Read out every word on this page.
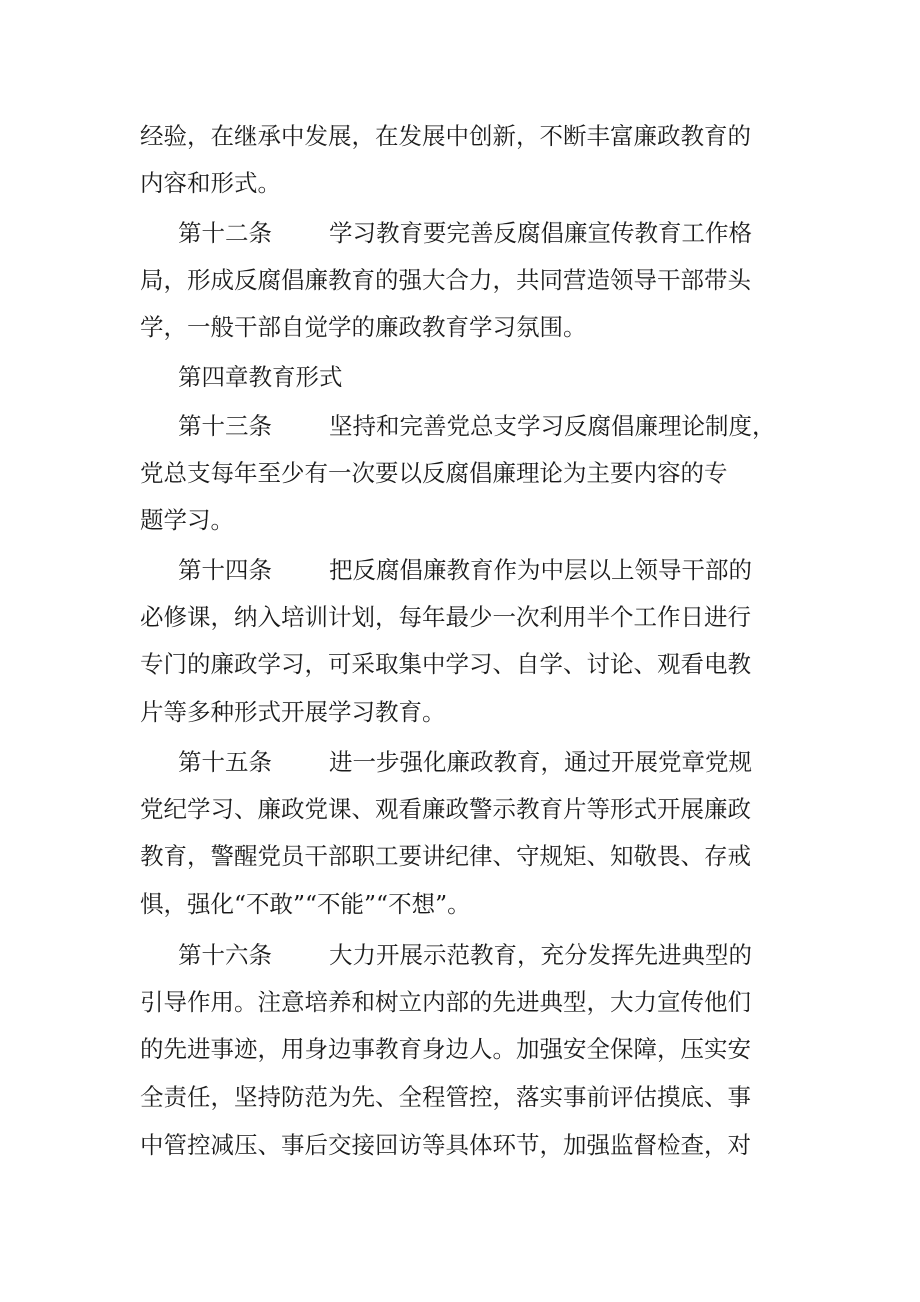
经验，在继承中发展，在发展中创新，不断丰富廉政教育的
内容和形式。
第十二条 学习教育要完善反腐倡廉宣传教育工作格
局，形成反腐倡廉教育的强大合力，共同营造领导干部带头
学，一般干部自觉学的廉政教育学习氛围。
第四章教育形式
第十三条 坚持和完善党总支学习反腐倡廉理论制度，
党总支每年至少有一次要以反腐倡廉理论为主要内容的专
题学习。
第十四条 把反腐倡廉教育作为中层以上领导干部的
必修课，纳入培训计划，每年最少一次利用半个工作日进行
专门的廉政学习，可采取集中学习、自学、讨论、观看电教
片等多种形式开展学习教育。
第十五条 进一步强化廉政教育，通过开展党章党规
党纪学习、廉政党课、观看廉政警示教育片等形式开展廉政
教育，警醒党员干部职工要讲纪律、守规矩、知敬畏、存戒
惧，强化“不敢”“不能”“不想”。
第十六条 大力开展示范教育，充分发挥先进典型的
引导作用。注意培养和树立内部的先进典型，大力宣传他们
的先进事迹，用身边事教育身边人。加强安全保障，压实安
全责任，坚持防范为先、全程管控，落实事前评估摸底、事
中管控减压、事后交接回访等具体环节，加强监督检查，对
